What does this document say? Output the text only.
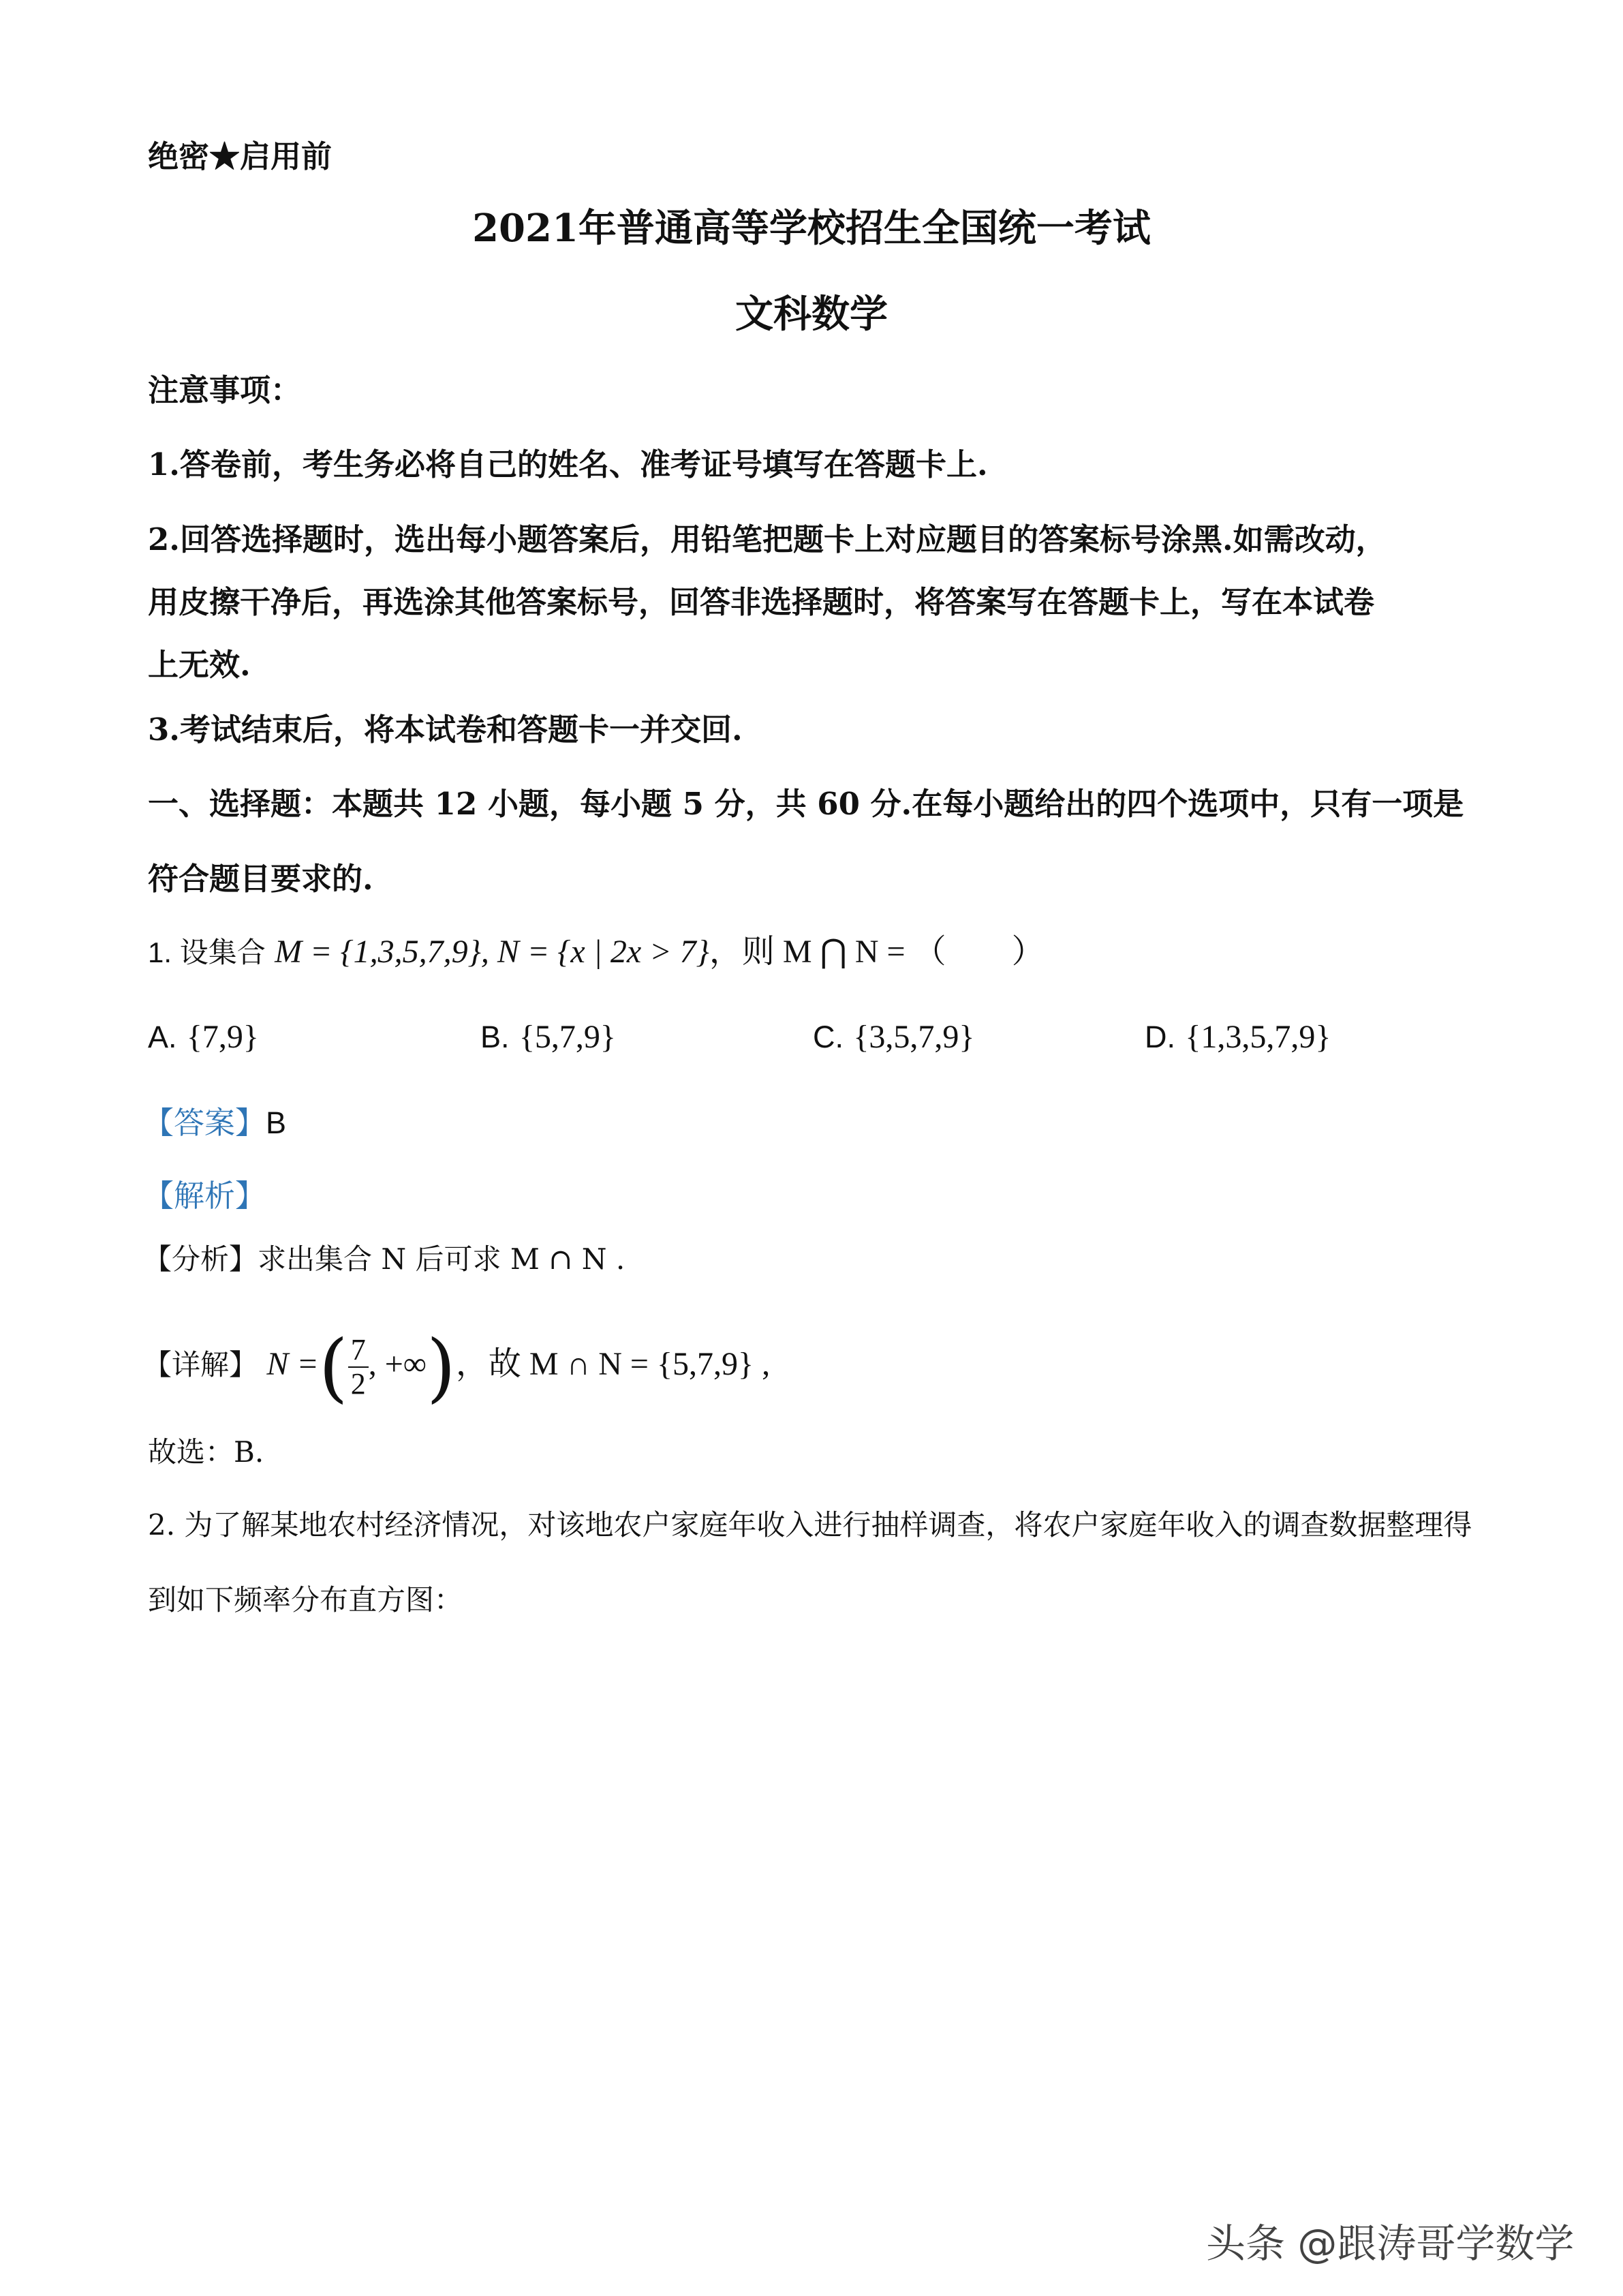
绝密★启用前
2021年普通高等学校招生全国统一考试
文科数学
注意事项：
1.答卷前，考生务必将自己的姓名、准考证号填写在答题卡上.
2.回答选择题时，选出每小题答案后，用铅笔把题卡上对应题目的答案标号涂黑.如需改动，
用皮擦干净后，再选涂其他答案标号，回答非选择题时，将答案写在答题卡上，写在本试卷
上无效.
3.考试结束后，将本试卷和答题卡一并交回.
一、选择题：本题共 12 小题，每小题 5 分，共 60 分.在每小题给出的四个选项中，只有一项是
符合题目要求的.
1. 设集合 M = {1,3,5,7,9}, N = {x | 2x > 7}，则 M ⋂ N = （　　）
A. {7,9}	B. {5,7,9}	C. {3,5,7,9}	D. {1,3,5,7,9}
【答案】B
【解析】
【分析】求出集合 N 后可求 M ∩ N .
【详解】 N =( $\frac{7}{2}$ , +∞)，故 M ∩ N = {5,7,9} ,
故选：B.
2. 为了解某地农村经济情况，对该地农户家庭年收入进行抽样调查，将农户家庭年收入的调查数据整理得
到如下频率分布直方图：
头条 @跟涛哥学数学
